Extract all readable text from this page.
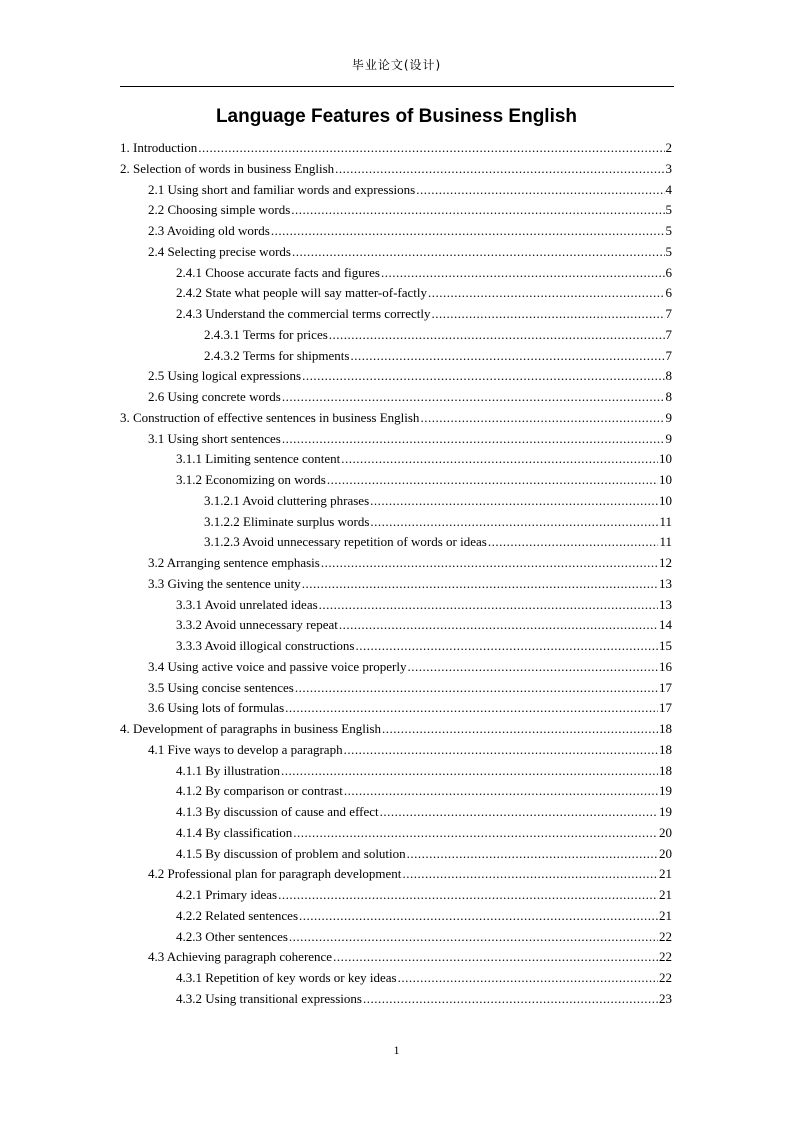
毕业论文(设计)
Language Features of Business English
1. Introduction .....	2
2. Selection of words in business English .....	3
2.1 Using short and familiar words and expressions .....	4
2.2 Choosing simple words .....	5
2.3 Avoiding old words .....	5
2.4 Selecting precise words .....	5
2.4.1 Choose accurate facts and figures .....	6
2.4.2 State what people will say matter-of-factly .....	6
2.4.3 Understand the commercial terms correctly .....	7
2.4.3.1 Terms for prices .....	7
2.4.3.2 Terms for shipments .....	7
2.5 Using logical expressions .....	8
2.6 Using concrete words .....	8
3. Construction of effective sentences in business English .....	9
3.1 Using short sentences .....	9
3.1.1 Limiting sentence content .....	10
3.1.2 Economizing on words .....	10
3.1.2.1 Avoid cluttering phrases .....	10
3.1.2.2 Eliminate surplus words .....	11
3.1.2.3 Avoid unnecessary repetition of words or ideas .....	11
3.2 Arranging sentence emphasis .....	12
3.3 Giving the sentence unity .....	13
3.3.1 Avoid unrelated ideas .....	13
3.3.2 Avoid unnecessary repeat .....	14
3.3.3 Avoid illogical constructions .....	15
3.4 Using active voice and passive voice properly .....	16
3.5 Using concise sentences .....	17
3.6 Using lots of formulas .....	17
4. Development of paragraphs in business English .....	18
4.1 Five ways to develop a paragraph .....	18
4.1.1 By illustration .....	18
4.1.2 By comparison or contrast .....	19
4.1.3 By discussion of cause and effect .....	19
4.1.4 By classification .....	20
4.1.5 By discussion of problem and solution .....	20
4.2 Professional plan for paragraph development .....	21
4.2.1 Primary ideas .....	21
4.2.2 Related sentences .....	21
4.2.3 Other sentences .....	22
4.3 Achieving paragraph coherence .....	22
4.3.1 Repetition of key words or key ideas .....	22
4.3.2 Using transitional expressions .....	23
1
